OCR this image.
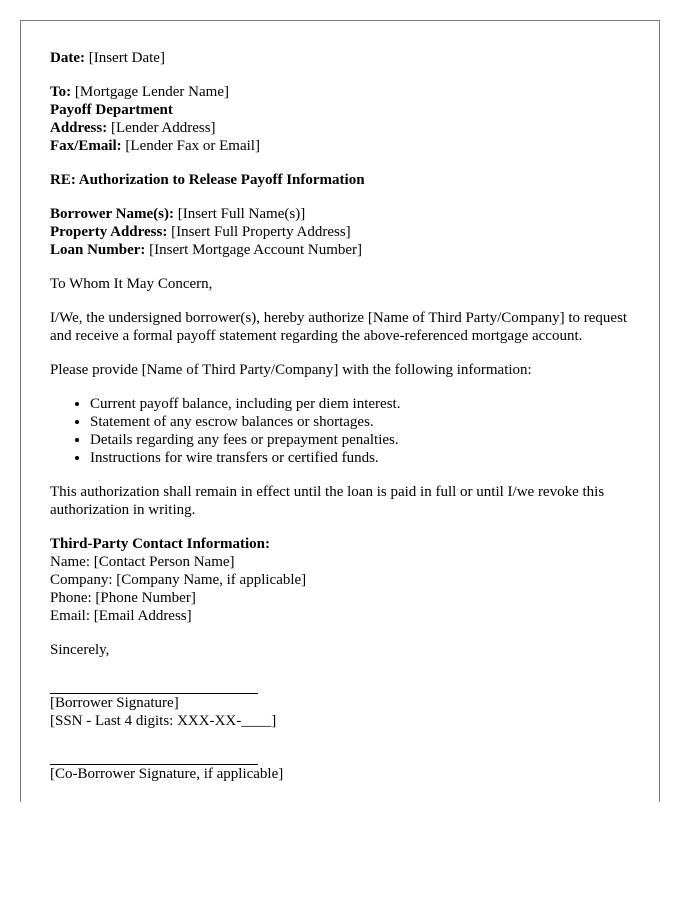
Date: [Insert Date]

To: [Mortgage Lender Name]

Payoff Department

Address: [Lender Address]

Fax/Email: [Lender Fax or Email]

RE: Authorization to Release Payoff Information

Borrower Name(s): [Insert Full Name(s)]

Property Address: [Insert Full Property Address]

Loan Number: [Insert Mortgage Account Number]

To Whom It May Concern,

I/We, the undersigned borrower(s), hereby authorize [Name of Third Party/Company] to request and receive a formal payoff statement regarding the above-referenced mortgage account.

Please provide [Name of Third Party/Company] with the following information:

• Current payoff balance, including per diem interest.
• Statement of any escrow balances or shortages.
• Details regarding any fees or prepayment penalties.
• Instructions for wire transfers or certified funds.

This authorization shall remain in effect until the loan is paid in full or until I/we revoke this authorization in writing.

Third-Party Contact Information:

Name: [Contact Person Name]

Company: [Company Name, if applicable]

Phone: [Phone Number]

Email: [Email Address]

Sincerely,

[Borrower Signature]

[SSN - Last 4 digits: XXX-XX-____]

[Co-Borrower Signature, if applicable]
